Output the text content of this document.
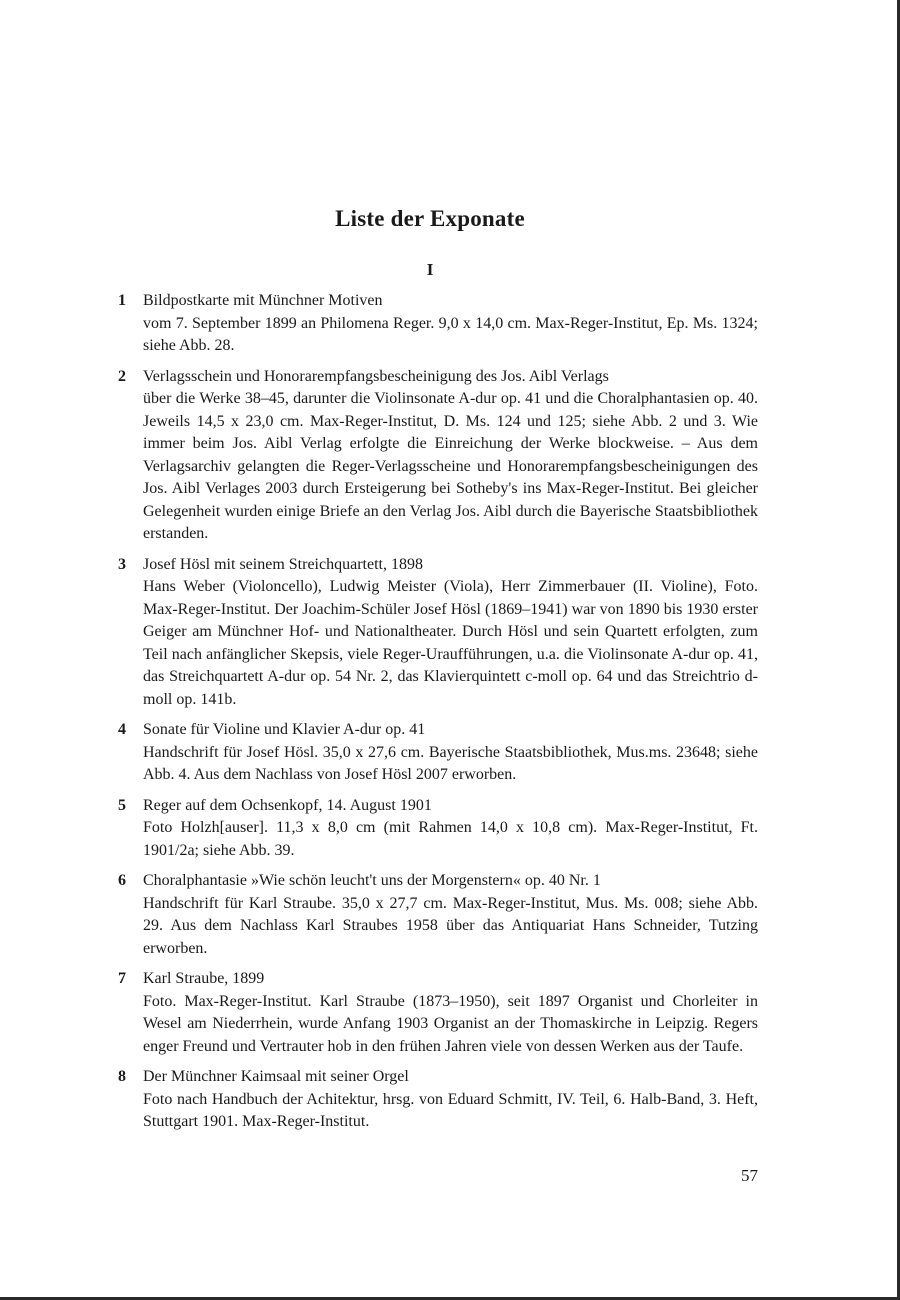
Liste der Exponate
I
1 Bildpostkarte mit Münchner Motiven
vom 7. September 1899 an Philomena Reger. 9,0 x 14,0 cm. Max-Reger-Institut, Ep. Ms. 1324; siehe Abb. 28.
2 Verlagsschein und Honorarempfangsbescheinigung des Jos. Aibl Verlags
über die Werke 38–45, darunter die Violinsonate A-dur op. 41 und die Choralphantasien op. 40. Jeweils 14,5 x 23,0 cm. Max-Reger-Institut, D. Ms. 124 und 125; siehe Abb. 2 und 3. Wie immer beim Jos. Aibl Verlag erfolgte die Einreichung der Werke blockweise. – Aus dem Verlagsarchiv gelangten die Reger-Verlagsscheine und Honorarempfangsbescheinigungen des Jos. Aibl Verlages 2003 durch Ersteigerung bei Sotheby's ins Max-Reger-Institut. Bei gleicher Gelegenheit wurden einige Briefe an den Verlag Jos. Aibl durch die Bayerische Staatsbibliothek erstanden.
3 Josef Hösl mit seinem Streichquartett, 1898
Hans Weber (Violoncello), Ludwig Meister (Viola), Herr Zimmerbauer (II. Violine), Foto. Max-Reger-Institut. Der Joachim-Schüler Josef Hösl (1869–1941) war von 1890 bis 1930 erster Geiger am Münchner Hof- und Nationaltheater. Durch Hösl und sein Quartett erfolgten, zum Teil nach anfänglicher Skepsis, viele Reger-Uraufführungen, u.a. die Violinsonate A-dur op. 41, das Streichquartett A-dur op. 54 Nr. 2, das Klavierquintett c-moll op. 64 und das Streichtrio d-moll op. 141b.
4 Sonate für Violine und Klavier A-dur op. 41
Handschrift für Josef Hösl. 35,0 x 27,6 cm. Bayerische Staatsbibliothek, Mus.ms. 23648; siehe Abb. 4. Aus dem Nachlass von Josef Hösl 2007 erworben.
5 Reger auf dem Ochsenkopf, 14. August 1901
Foto Holzh[auser]. 11,3 x 8,0 cm (mit Rahmen 14,0 x 10,8 cm). Max-Reger-Institut, Ft. 1901/2a; siehe Abb. 39.
6 Choralphantasie »Wie schön leucht't uns der Morgenstern« op. 40 Nr. 1
Handschrift für Karl Straube. 35,0 x 27,7 cm. Max-Reger-Institut, Mus. Ms. 008; siehe Abb. 29. Aus dem Nachlass Karl Straubes 1958 über das Antiquariat Hans Schneider, Tutzing erworben.
7 Karl Straube, 1899
Foto. Max-Reger-Institut. Karl Straube (1873–1950), seit 1897 Organist und Chorleiter in Wesel am Niederrhein, wurde Anfang 1903 Organist an der Thomaskirche in Leipzig. Regers enger Freund und Vertrauter hob in den frühen Jahren viele von dessen Werken aus der Taufe.
8 Der Münchner Kaimsaal mit seiner Orgel
Foto nach Handbuch der Achitektur, hrsg. von Eduard Schmitt, IV. Teil, 6. Halb-Band, 3. Heft, Stuttgart 1901. Max-Reger-Institut.
57
